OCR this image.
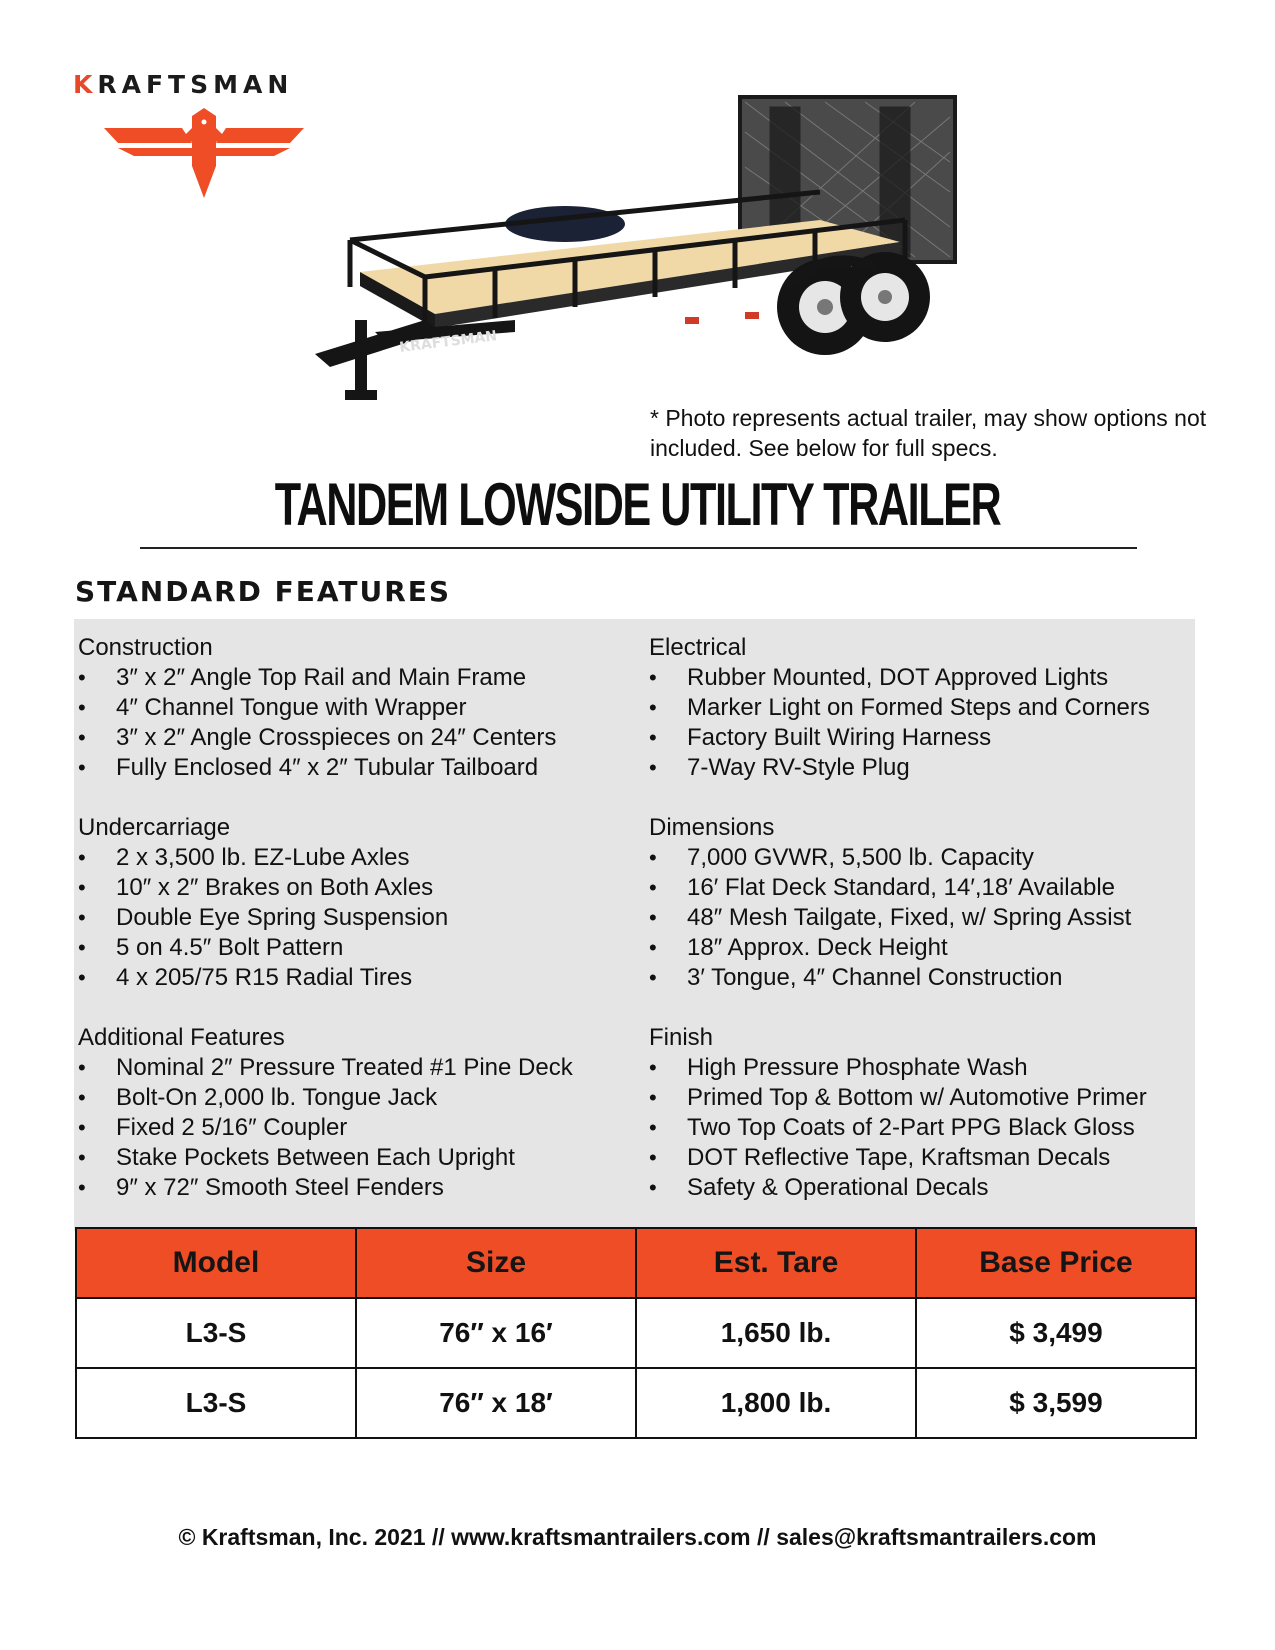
KRAFTSMAN
KRAFTSMAN
* Photo represents actual trailer, may show options not included. See below for full specs.
TANDEM LOWSIDE UTILITY TRAILER
STANDARD FEATURES
Construction
• 3″ x 2″ Angle Top Rail and Main Frame
• 4″ Channel Tongue with Wrapper
• 3″ x 2″ Angle Crosspieces on 24″ Centers
• Fully Enclosed 4″ x 2″ Tubular Tailboard
Undercarriage
• 2 x 3,500 lb. EZ-Lube Axles
• 10″ x 2″ Brakes on Both Axles
• Double Eye Spring Suspension
• 5 on 4.5″ Bolt Pattern
• 4 x 205/75 R15 Radial Tires
Additional Features
• Nominal 2″ Pressure Treated #1 Pine Deck
• Bolt-On 2,000 lb. Tongue Jack
• Fixed 2 5/16″ Coupler
• Stake Pockets Between Each Upright
• 9″ x 72″ Smooth Steel Fenders
Electrical
• Rubber Mounted, DOT Approved Lights
• Marker Light on Formed Steps and Corners
• Factory Built Wiring Harness
• 7-Way RV-Style Plug
Dimensions
• 7,000 GVWR, 5,500 lb. Capacity
• 16′ Flat Deck Standard, 14′,18′ Available
• 48″ Mesh Tailgate, Fixed, w/ Spring Assist
• 18″ Approx. Deck Height
• 3′ Tongue, 4″ Channel Construction
Finish
• High Pressure Phosphate Wash
• Primed Top & Bottom w/ Automotive Primer
• Two Top Coats of 2-Part PPG Black Gloss
• DOT Reflective Tape, Kraftsman Decals
• Safety & Operational Decals
Model	Size	Est. Tare	Base Price
L3-S	76″ x 16′	1,650 lb.	$ 3,499
L3-S	76″ x 18′	1,800 lb.	$ 3,599
© Kraftsman, Inc. 2021 // www.kraftsmantrailers.com // sales@kraftsmantrailers.com
